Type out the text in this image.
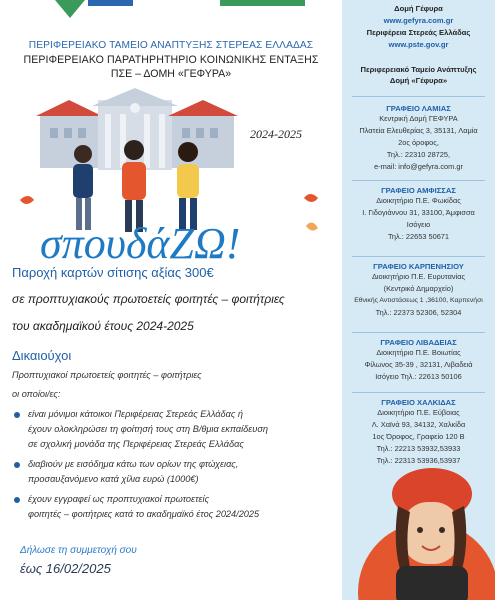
ΠΕΡΙΦΕΡΕΙΑΚΟ ΤΑΜΕΙΟ ΑΝΑΠΤΥΞΗΣ ΣΤΕΡΕΑΣ ΕΛΛΑΔΑΣ
ΠΕΡΙΦΕΡΕΙΑΚΟ ΠΑΡΑΤΗΡΗΤΗΡΙΟ ΚΟΙΝΩΝΙΚΗΣ ΕΝΤΑΞΗΣ
ΠΣΕ – ΔΟΜΗ «ΓΕΦΥΡΑ»
σπουδάΖΩ!
2024-2025
Παροχή καρτών σίτισης αξίας 300€
σε προπτυχιακούς πρωτοετείς φοιτητές – φοιτήτριες
του ακαδημαϊκού έτους 2024-2025
Δικαιούχοι
Προπτυχιακοί πρωτοετείς φοιτητές – φοιτήτριες
οι οποίοι/ες:
είναι μόνιμοι κάτοικοι Περιφέρειας Στερεάς Ελλάδας ή
έχουν ολοκληρώσει τη φοίτησή τους στη Β/θμια εκπαίδευση
σε σχολική μονάδα της Περιφέρειας Στερεάς Ελλάδας
διαβιούν με εισόδημα κάτω των ορίων της φτώχειας,
προσαυξανόμενο κατά χίλια ευρώ (1000€)
έχουν εγγραφεί ως προπτυχιακοί πρωτοετείς
φοιτητές – φοιτήτριες κατά το ακαδημαϊκό έτος 2024/2025
Δήλωσε τη συμμετοχή σου
έως 16/02/2025
Δομή Γέφυρα
www.gefyra.com.gr
Περιφέρεια Στερεάς Ελλάδας
www.pste.gov.gr
Περιφερειακό Ταμείο Ανάπτυξης
Δομή «Γέφυρα»
ΓΡΑΦΕΙΟ ΛΑΜΙΑΣ
Κεντρική Δομή ΓΕΦΥΡΑ
Πλατεία Ελευθερίας 3, 35131, Λαμία
2ος όροφος,
Τηλ.: 22310 28725,
e-mail: info@gefyra.com.gr
ΓΡΑΦΕΙΟ ΑΜΦΙΣΣΑΣ
Διοικητήριο Π.Ε. Φωκίδας
Ι. Γιδογιάννου 31, 33100, Άμφισσα
Ισόγειο
Τηλ.: 22653 50671
ΓΡΑΦΕΙΟ ΚΑΡΠΕΝΗΣΙΟΥ
Διοικητήριο Π.Ε. Ευρυτανίας
(Κεντρικό Δημαρχείο)
Εθνικής Αντιστάσεως 1 ,36100, Καρπενήσι
Τηλ.: 22373 52306, 52304
ΓΡΑΦΕΙΟ ΛΙΒΑΔΕΙΑΣ
Διοικητήριο Π.Ε. Βοιωτίας
Φίλωνος 35-39 , 32131, Λιβαδειά
Ισόγειο Τηλ.: 22613 50106
ΓΡΑΦΕΙΟ ΧΑΛΚΙΔΑΣ
Διοικητήριο Π.Ε. Εύβοιας
Λ. Χαϊνά 93, 34132, Χαλκίδα
1ος Όροφος, Γραφείο 120 Β
Τηλ.: 22213 53932,53933
Τηλ.: 22313 53936,53937
